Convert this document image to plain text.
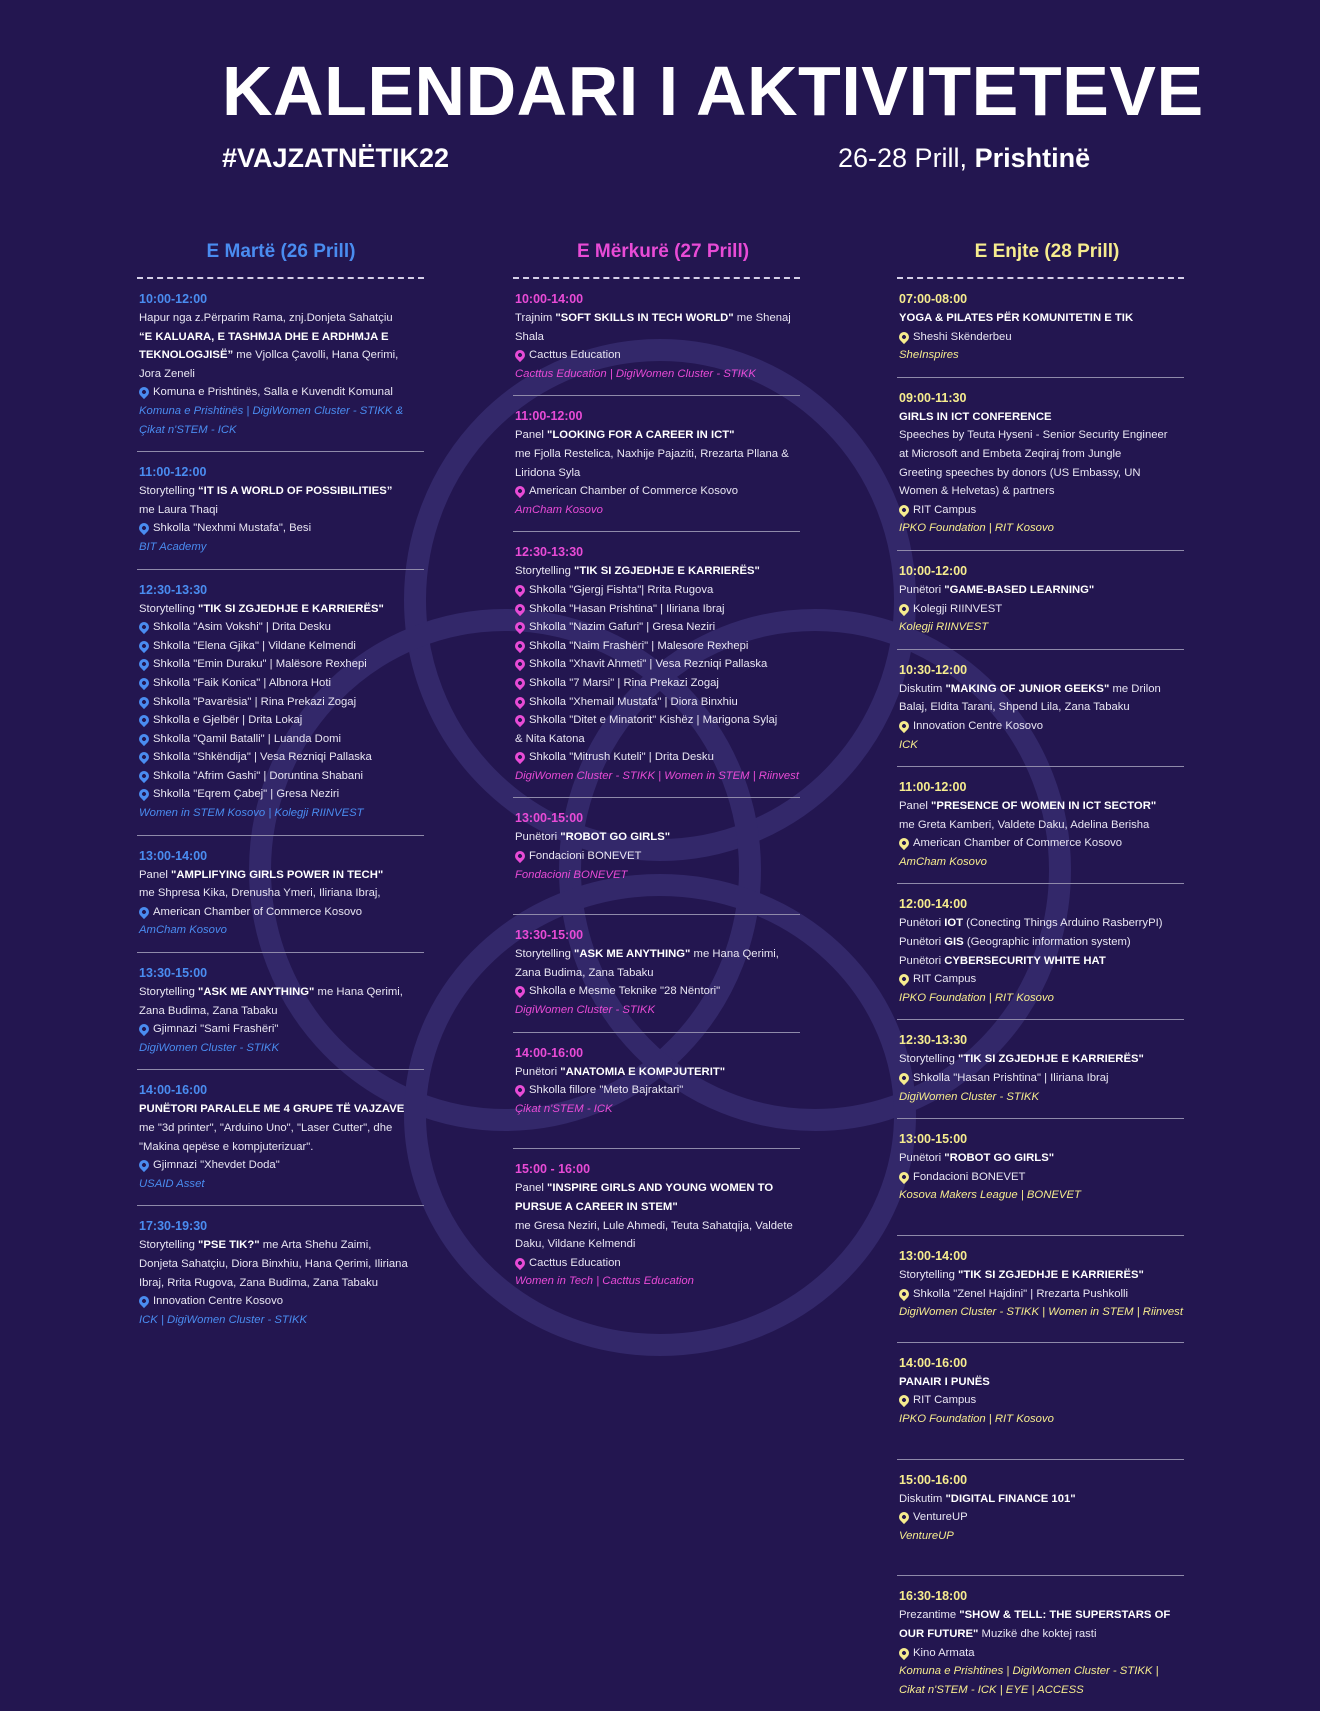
KALENDARI I AKTIVITETEVE
#VAJZATNËTIK22	26-28 Prill, Prishtinë
E Martë (26 Prill)
10:00-12:00
Hapur nga z.Përparim Rama, znj.Donjeta Sahatçiu
“E KALUARA, E TASHMJA DHE E ARDHMJA E
TEKNOLOGJISË” me Vjollca Çavolli, Hana Qerimi,
Jora Zeneli
Komuna e Prishtinës, Salla e Kuvendit Komunal
Komuna e Prishtinës | DigiWomen Cluster - STIKK &
Çikat n'STEM - ICK
11:00-12:00
Storytelling “IT IS A WORLD OF POSSIBILITIES”
me Laura Thaqi
Shkolla "Nexhmi Mustafa", Besi
BIT Academy
12:30-13:30
Storytelling "TIK SI ZGJEDHJE E KARRIERËS"
Shkolla "Asim Vokshi" | Drita Desku
Shkolla "Elena Gjika" | Vildane Kelmendi
Shkolla "Emin Duraku" | Malësore Rexhepi
Shkolla "Faik Konica" | Albnora Hoti
Shkolla "Pavarësia" | Rina Prekazi Zogaj
Shkolla e Gjelbër | Drita Lokaj
Shkolla "Qamil Batalli" | Luanda Domi
Shkolla "Shkëndija" | Vesa Rezniqi Pallaska
Shkolla "Afrim Gashi" | Doruntina Shabani
Shkolla "Eqrem Çabej" | Gresa Neziri
Women in STEM Kosovo | Kolegji RIINVEST
13:00-14:00
Panel "AMPLIFYING GIRLS POWER IN TECH"
me Shpresa Kika, Drenusha Ymeri, Iliriana Ibraj,
American Chamber of Commerce Kosovo
AmCham Kosovo
13:30-15:00
Storytelling "ASK ME ANYTHING" me Hana Qerimi,
Zana Budima, Zana Tabaku
Gjimnazi "Sami Frashëri"
DigiWomen Cluster - STIKK
14:00-16:00
PUNËTORI PARALELE ME 4 GRUPE TË VAJZAVE
me "3d printer", "Arduino Uno", "Laser Cutter", dhe
"Makina qepëse e kompjuterizuar".
Gjimnazi "Xhevdet Doda"
USAID Asset
17:30-19:30
Storytelling "PSE TIK?" me Arta Shehu Zaimi,
Donjeta Sahatçiu, Diora Binxhiu, Hana Qerimi, Iliriana
Ibraj, Rrita Rugova, Zana Budima, Zana Tabaku
Innovation Centre Kosovo
ICK | DigiWomen Cluster - STIKK
E Mërkurë (27 Prill)
10:00-14:00
Trajnim "SOFT SKILLS IN TECH WORLD" me Shenaj
Shala
Cacttus Education
Cacttus Education | DigiWomen Cluster - STIKK
11:00-12:00
Panel "LOOKING FOR A CAREER IN ICT"
me Fjolla Restelica, Naxhije Pajaziti, Rrezarta Pllana &
Liridona Syla
American Chamber of Commerce Kosovo
AmCham Kosovo
12:30-13:30
Storytelling "TIK SI ZGJEDHJE E KARRIERËS"
Shkolla "Gjergj Fishta"| Rrita Rugova
Shkolla "Hasan Prishtina" | Iliriana Ibraj
Shkolla "Nazim Gafuri" | Gresa Neziri
Shkolla "Naim Frashëri" | Malesore Rexhepi
Shkolla "Xhavit Ahmeti" | Vesa Rezniqi Pallaska
Shkolla "7 Marsi" | Rina Prekazi Zogaj
Shkolla "Xhemail Mustafa" | Diora Binxhiu
Shkolla "Ditet e Minatorit" Kishëz | Marigona Sylaj
& Nita Katona
Shkolla "Mitrush Kuteli" | Drita Desku
DigiWomen Cluster - STIKK | Women in STEM | Riinvest
13:00-15:00
Punëtori "ROBOT GO GIRLS"
Fondacioni BONEVET
Fondacioni BONEVET
13:30-15:00
Storytelling "ASK ME ANYTHING" me Hana Qerimi,
Zana Budima, Zana Tabaku
Shkolla e Mesme Teknike "28 Nëntori"
DigiWomen Cluster - STIKK
14:00-16:00
Punëtori "ANATOMIA E KOMPJUTERIT"
Shkolla fillore "Meto Bajraktari"
Çikat n'STEM - ICK
15:00 - 16:00
Panel "INSPIRE GIRLS AND YOUNG WOMEN TO
PURSUE A CAREER IN STEM"
me Gresa Neziri, Lule Ahmedi, Teuta Sahatqija, Valdete
Daku, Vildane Kelmendi
Cacttus Education
Women in Tech | Cacttus Education
E Enjte (28 Prill)
07:00-08:00
YOGA & PILATES PËR KOMUNITETIN E TIK
Sheshi Skënderbeu
SheInspires
09:00-11:30
GIRLS IN ICT CONFERENCE
Speeches by Teuta Hyseni - Senior Security Engineer
at Microsoft and Embeta Zeqiraj from Jungle
Greeting speeches by donors (US Embassy, UN
Women & Helvetas) & partners
RIT Campus
IPKO Foundation | RIT Kosovo
10:00-12:00
Punëtori "GAME-BASED LEARNING"
Kolegji RIINVEST
Kolegji RIINVEST
10:30-12:00
Diskutim "MAKING OF JUNIOR GEEKS" me Drilon
Balaj, Eldita Tarani, Shpend Lila, Zana Tabaku
Innovation Centre Kosovo
ICK
11:00-12:00
Panel "PRESENCE OF WOMEN IN ICT SECTOR"
me Greta Kamberi, Valdete Daku, Adelina Berisha
American Chamber of Commerce Kosovo
AmCham Kosovo
12:00-14:00
Punëtori IOT (Conecting Things Arduino RasberryPI)
Punëtori GIS (Geographic information system)
Punëtori CYBERSECURITY WHITE HAT
RIT Campus
IPKO Foundation | RIT Kosovo
12:30-13:30
Storytelling "TIK SI ZGJEDHJE E KARRIERËS"
Shkolla "Hasan Prishtina" | Iliriana Ibraj
DigiWomen Cluster - STIKK
13:00-15:00
Punëtori "ROBOT GO GIRLS"
Fondacioni BONEVET
Kosova Makers League | BONEVET
13:00-14:00
Storytelling "TIK SI ZGJEDHJE E KARRIERËS"
Shkolla "Zenel Hajdini" | Rrezarta Pushkolli
DigiWomen Cluster - STIKK | Women in STEM | Riinvest
14:00-16:00
PANAIR I PUNËS
RIT Campus
IPKO Foundation | RIT Kosovo
15:00-16:00
Diskutim "DIGITAL FINANCE 101"
VentureUP
VentureUP
16:30-18:00
Prezantime "SHOW & TELL: THE SUPERSTARS OF
OUR FUTURE" Muzikë dhe koktej rasti
Kino Armata
Komuna e Prishtines | DigiWomen Cluster - STIKK |
Cikat n'STEM - ICK | EYE | ACCESS
